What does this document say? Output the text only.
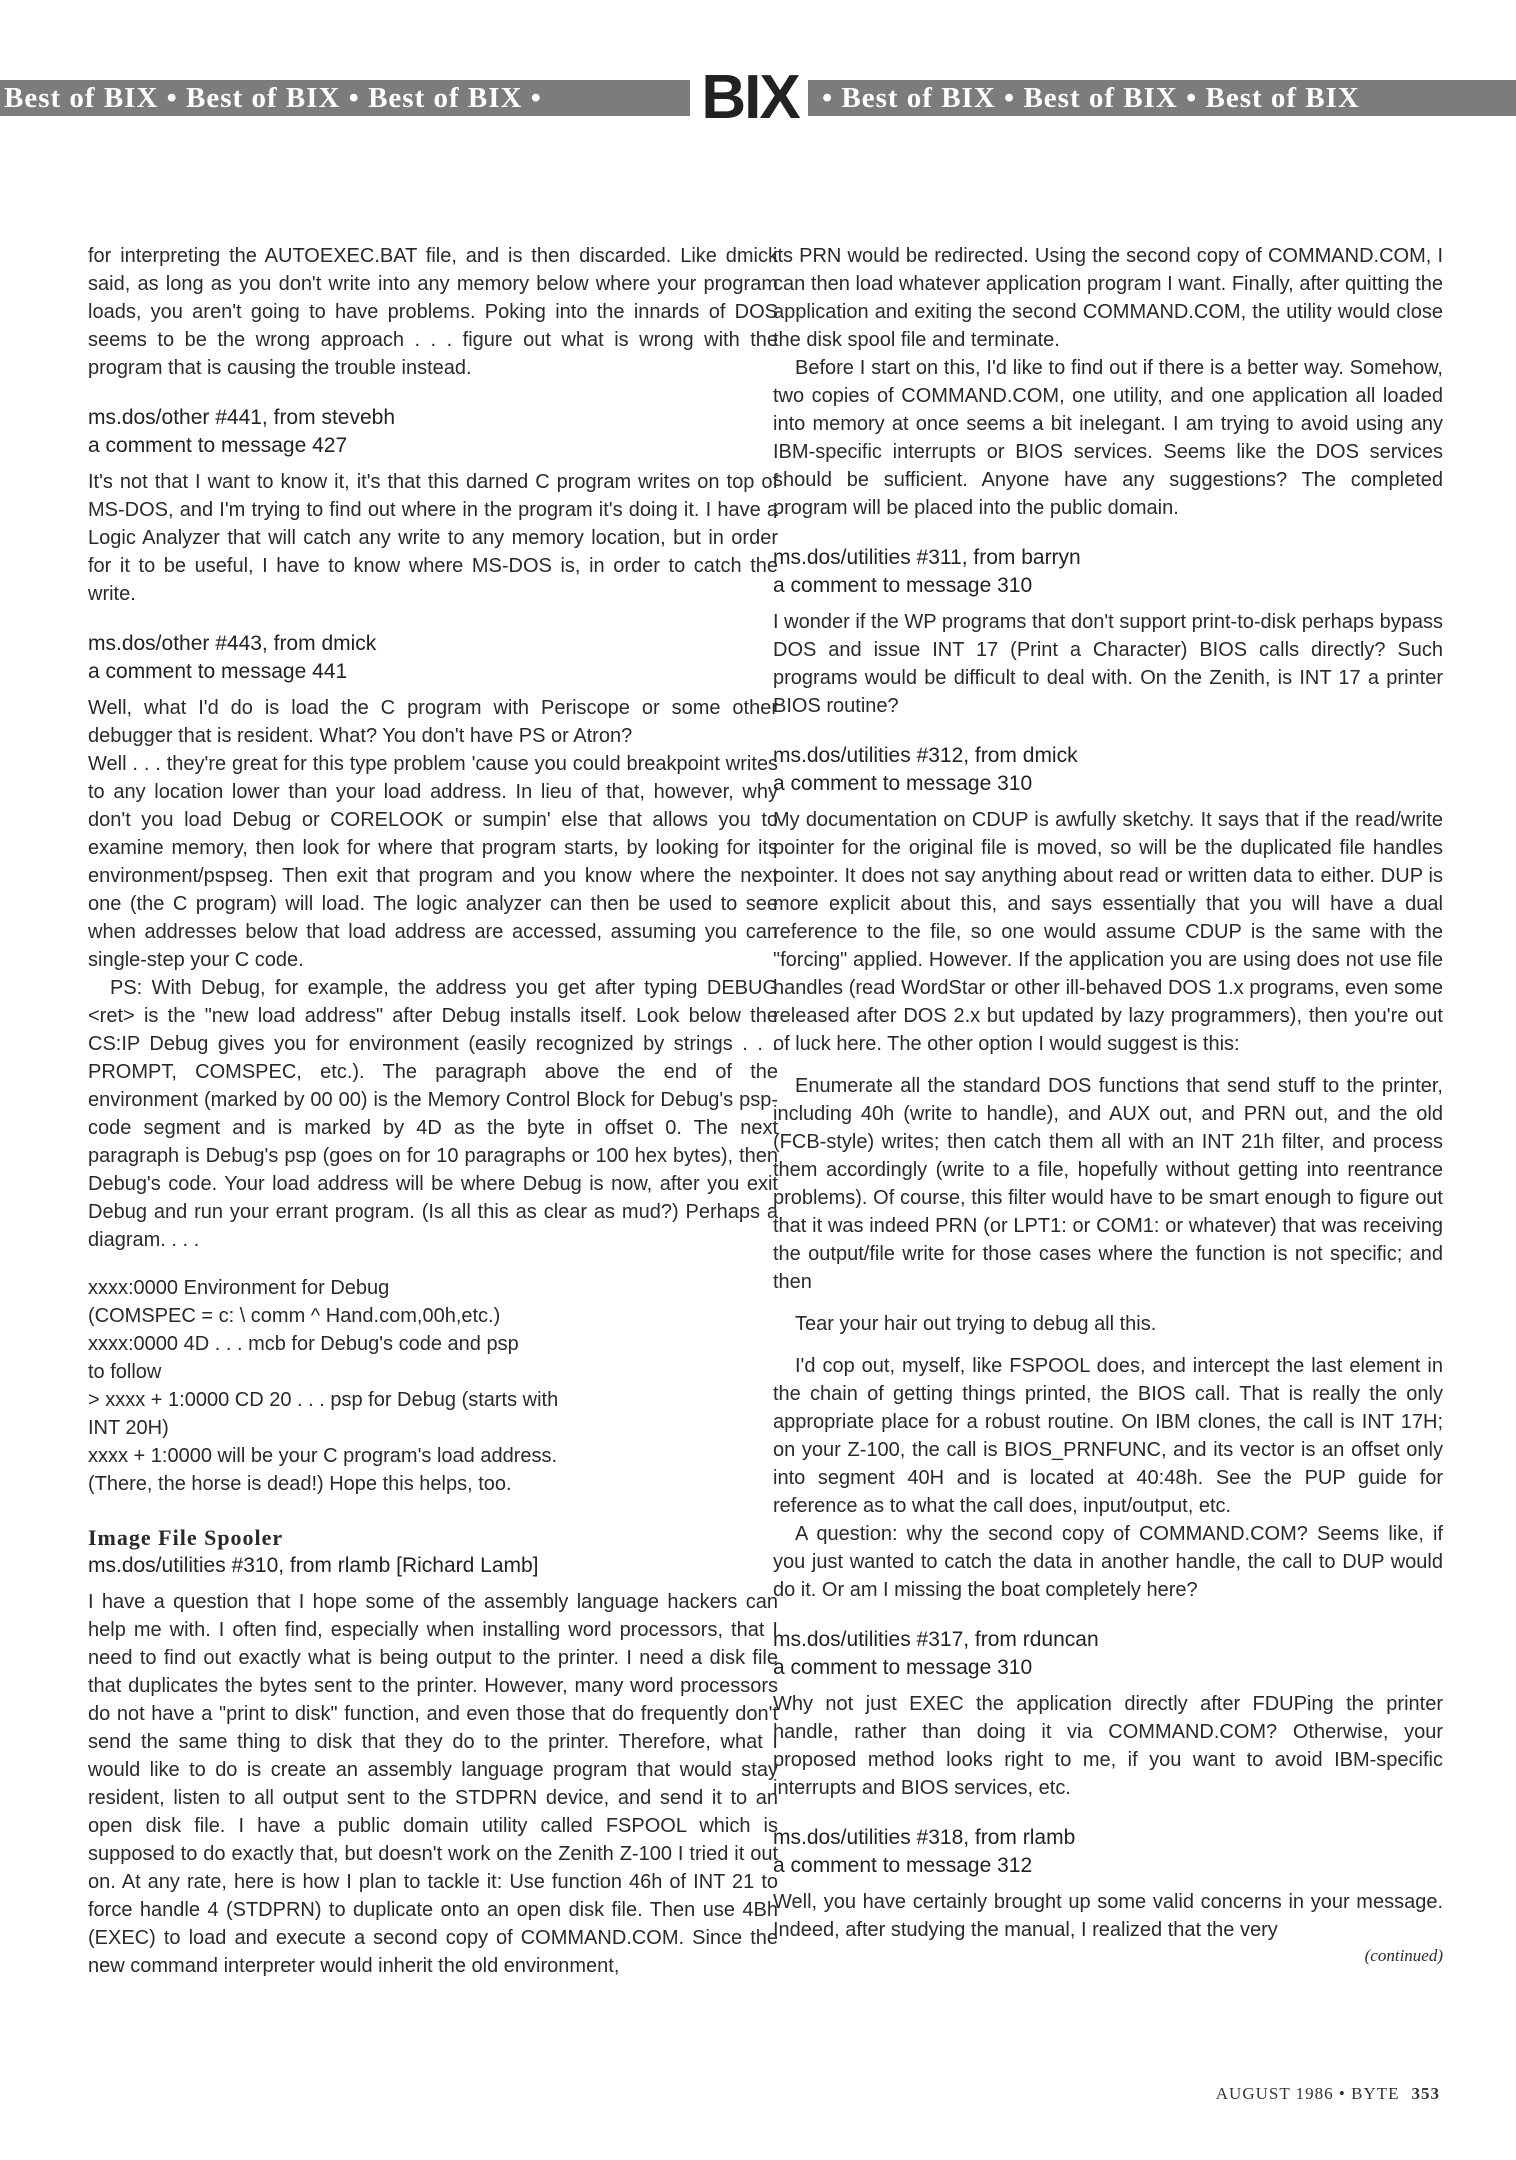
Best of BIX • Best of BIX • Best of BIX •	BIX • Best of BIX • Best of BIX • Best of BIX

for interpreting the AUTOEXEC.BAT file, and is then discarded. Like dmick said, as long as you don't write into any memory below where your program loads, you aren't going to have problems. Poking into the innards of DOS seems to be the wrong approach . . . figure out what is wrong with the program that is causing the trouble instead.

ms.dos/other #441, from stevebh
a comment to message 427

It's not that I want to know it, it's that this darned C program writes on top of MS-DOS, and I'm trying to find out where in the program it's doing it. I have a Logic Analyzer that will catch any write to any memory location, but in order for it to be useful, I have to know where MS-DOS is, in order to catch the write.

ms.dos/other #443, from dmick
a comment to message 441

Well, what I'd do is load the C program with Periscope or some other debugger that is resident. What? You don't have PS or Atron?

Well . . . they're great for this type problem 'cause you could breakpoint writes to any location lower than your load address. In lieu of that, however, why don't you load Debug or CORELOOK or sumpin' else that allows you to examine memory, then look for where that program starts, by looking for its environment/pspseg. Then exit that program and you know where the next one (the C program) will load. The logic analyzer can then be used to see when addresses below that load address are accessed, assuming you can single-step your C code.

PS: With Debug, for example, the address you get after typing DEBUG <ret> is the "new load address" after Debug installs itself. Look below the CS:IP Debug gives you for environment (easily recognized by strings . . . PROMPT, COMSPEC, etc.). The paragraph above the end of the environment (marked by 00 00) is the Memory Control Block for Debug's psp-code segment and is marked by 4D as the byte in offset 0. The next paragraph is Debug's psp (goes on for 10 paragraphs or 100 hex bytes), then Debug's code. Your load address will be where Debug is now, after you exit Debug and run your errant program. (Is all this as clear as mud?) Perhaps a diagram. . . .

xxxx:0000 Environment for Debug
(COMSPEC = c: \ comm ^ Hand.com,00h,etc.)
xxxx:0000 4D . . . mcb for Debug's code and psp
to follow
> xxxx + 1:0000 CD 20 . . . psp for Debug (starts with
INT 20H)
xxxx + 1:0000 will be your C program's load address.
(There, the horse is dead!) Hope this helps, too.
Image File Spooler
ms.dos/utilities #310, from rlamb [Richard Lamb]

I have a question that I hope some of the assembly language hackers can help me with. I often find, especially when installing word processors, that I need to find out exactly what is being output to the printer. I need a disk file that duplicates the bytes sent to the printer. However, many word processors do not have a "print to disk" function, and even those that do frequently don't send the same thing to disk that they do to the printer. Therefore, what I would like to do is create an assembly language program that would stay resident, listen to all output sent to the STDPRN device, and send it to an open disk file. I have a public domain utility called FSPOOL which is supposed to do exactly that, but doesn't work on the Zenith Z-100 I tried it out on. At any rate, here is how I plan to tackle it: Use function 46h of INT 21 to force handle 4 (STDPRN) to duplicate onto an open disk file. Then use 4Bh (EXEC) to load and execute a second copy of COMMAND.COM. Since the new command interpreter would inherit the old environment,

its PRN would be redirected. Using the second copy of COMMAND.COM, I can then load whatever application program I want. Finally, after quitting the application and exiting the second COMMAND.COM, the utility would close the disk spool file and terminate.

Before I start on this, I'd like to find out if there is a better way. Somehow, two copies of COMMAND.COM, one utility, and one application all loaded into memory at once seems a bit inelegant. I am trying to avoid using any IBM-specific interrupts or BIOS services. Seems like the DOS services should be sufficient. Anyone have any suggestions? The completed program will be placed into the public domain.

ms.dos/utilities #311, from barryn
a comment to message 310

I wonder if the WP programs that don't support print-to-disk perhaps bypass DOS and issue INT 17 (Print a Character) BIOS calls directly? Such programs would be difficult to deal with. On the Zenith, is INT 17 a printer BIOS routine?

ms.dos/utilities #312, from dmick
a comment to message 310

My documentation on CDUP is awfully sketchy. It says that if the read/write pointer for the original file is moved, so will be the duplicated file handles pointer. It does not say anything about read or written data to either. DUP is more explicit about this, and says essentially that you will have a dual reference to the file, so one would assume CDUP is the same with the "forcing" applied. However. If the application you are using does not use file handles (read WordStar or other ill-behaved DOS 1.x programs, even some released after DOS 2.x but updated by lazy programmers), then you're out of luck here. The other option I would suggest is this:

Enumerate all the standard DOS functions that send stuff to the printer, including 40h (write to handle), and AUX out, and PRN out, and the old (FCB-style) writes; then catch them all with an INT 21h filter, and process them accordingly (write to a file, hopefully without getting into reentrance problems). Of course, this filter would have to be smart enough to figure out that it was indeed PRN (or LPT1: or COM1: or whatever) that was receiving the output/file write for those cases where the function is not specific; and then

Tear your hair out trying to debug all this.

I'd cop out, myself, like FSPOOL does, and intercept the last element in the chain of getting things printed, the BIOS call. That is really the only appropriate place for a robust routine. On IBM clones, the call is INT 17H; on your Z-100, the call is BIOS_PRNFUNC, and its vector is an offset only into segment 40H and is located at 40:48h. See the PUP guide for reference as to what the call does, input/output, etc.

A question: why the second copy of COMMAND.COM? Seems like, if you just wanted to catch the data in another handle, the call to DUP would do it. Or am I missing the boat completely here?

ms.dos/utilities #317, from rduncan
a comment to message 310

Why not just EXEC the application directly after FDUPing the printer handle, rather than doing it via COMMAND.COM? Otherwise, your proposed method looks right to me, if you want to avoid IBM-specific interrupts and BIOS services, etc.

ms.dos/utilities #318, from rlamb
a comment to message 312

Well, you have certainly brought up some valid concerns in your message. Indeed, after studying the manual, I realized that the very

(continued)
AUGUST 1986 • BYTE 353
